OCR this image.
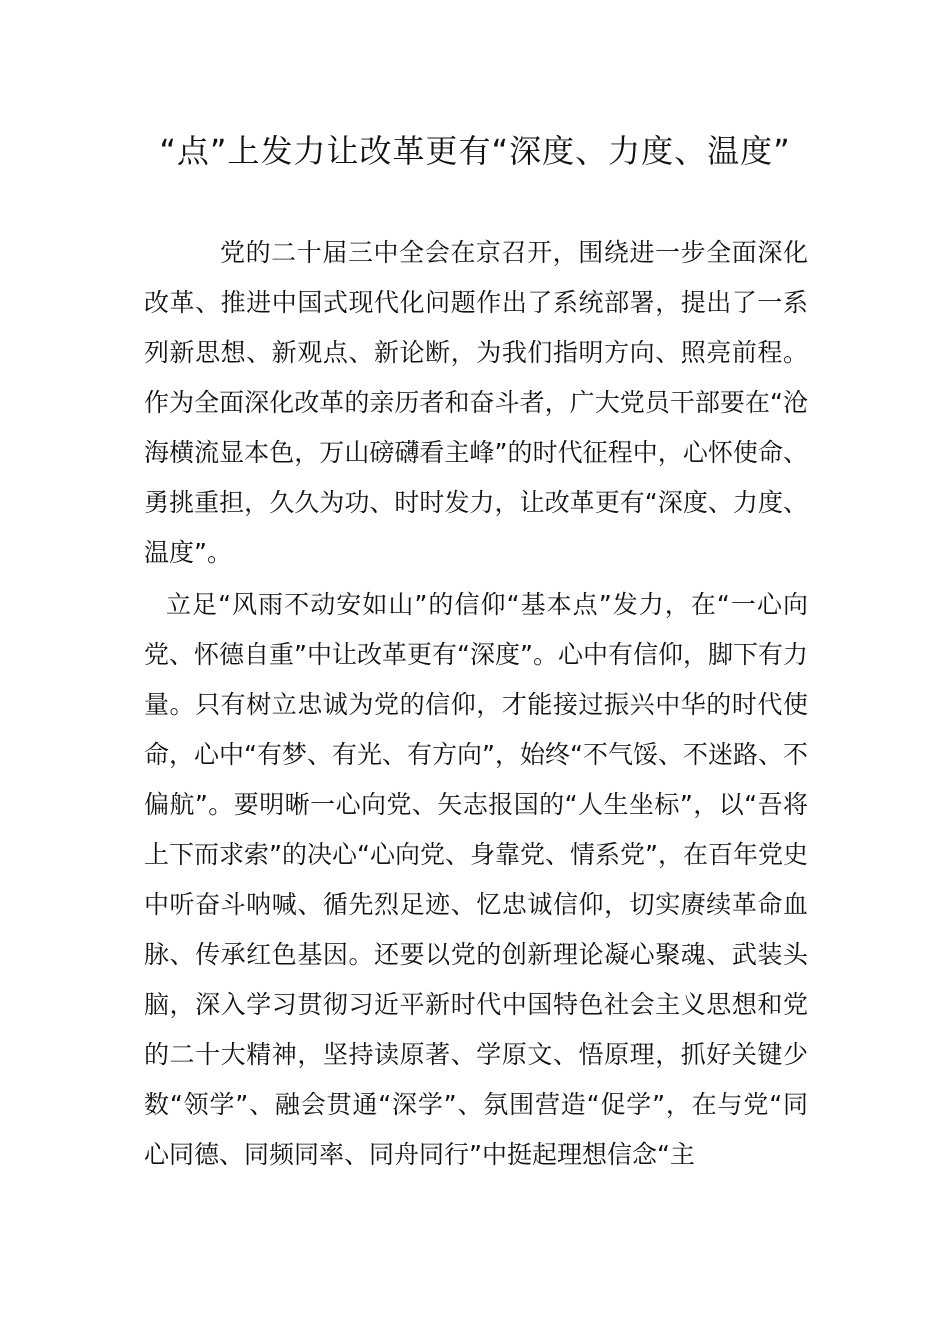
“点”上发力让改革更有“深度、力度、温度”

党的二十届三中全会在京召开，围绕进一步全面深化改革、推进中国式现代化问题作出了系统部署，提出了一系列新思想、新观点、新论断，为我们指明方向、照亮前程。作为全面深化改革的亲历者和奋斗者，广大党员干部要在“沧海横流显本色，万山磅礴看主峰”的时代征程中，心怀使命、勇挑重担，久久为功、时时发力，让改革更有“深度、力度、温度”。

立足“风雨不动安如山”的信仰“基本点”发力，在“一心向党、怀德自重”中让改革更有“深度”。心中有信仰，脚下有力量。只有树立忠诚为党的信仰，才能接过振兴中华的时代使命，心中“有梦、有光、有方向”，始终“不气馁、不迷路、不偏航”。要明晰一心向党、矢志报国的“人生坐标”，以“吾将上下而求索”的决心“心向党、身靠党、情系党”，在百年党史中听奋斗呐喊、循先烈足迹、忆忠诚信仰，切实赓续革命血脉、传承红色基因。还要以党的创新理论凝心聚魂、武装头脑，深入学习贯彻习近平新时代中国特色社会主义思想和党的二十大精神，坚持读原著、学原文、悟原理，抓好关键少数“领学”、融会贯通“深学”、氛围营造“促学”，在与党“同心同德、同频同率、同舟同行”中挺起理想信念“主
